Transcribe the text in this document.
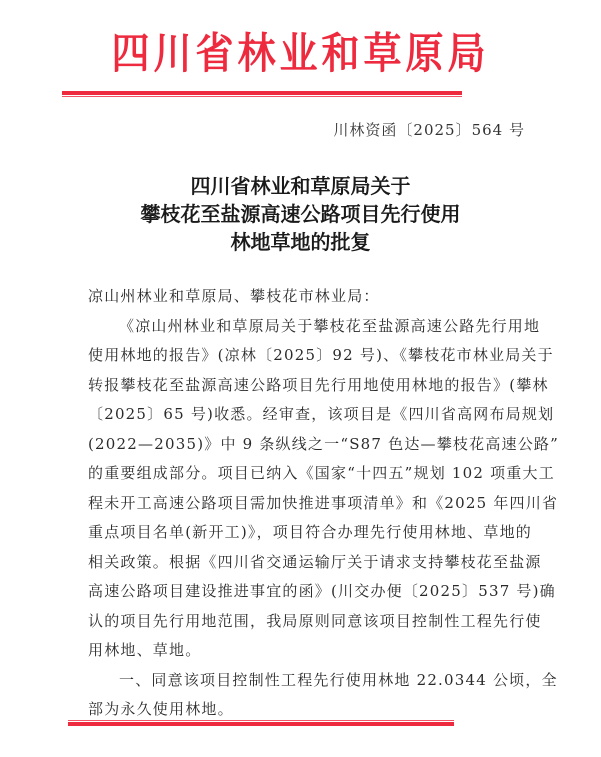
四川省林业和草原局
川林资函〔2025〕564 号
四川省林业和草原局关于
攀枝花至盐源高速公路项目先行使用
林地草地的批复

凉山州林业和草原局、攀枝花市林业局：

《凉山州林业和草原局关于攀枝花至盐源高速公路先行用地

使用林地的报告》(凉林〔2025〕92 号)、《攀枝花市林业局关于
转报攀枝花至盐源高速公路项目先行用地使用林地的报告》(攀林
〔2025〕65 号)收悉。经审查，该项目是《四川省高网布局规划
(2022—2035)》中 9 条纵线之一“S87 色达—攀枝花高速公路”
的重要组成部分。项目已纳入《国家“十四五”规划 102 项重大工
程未开工高速公路项目需加快推进事项清单》和《2025 年四川省
重点项目名单(新开工)》，项目符合办理先行使用林地、草地的
相关政策。根据《四川省交通运输厅关于请求支持攀枝花至盐源
高速公路项目建设推进事宜的函》(川交办便〔2025〕537 号)确
认的项目先行用地范围，我局原则同意该项目控制性工程先行使
用林地、草地。

一、同意该项目控制性工程先行使用林地 22.0344 公顷，全

部为永久使用林地。
